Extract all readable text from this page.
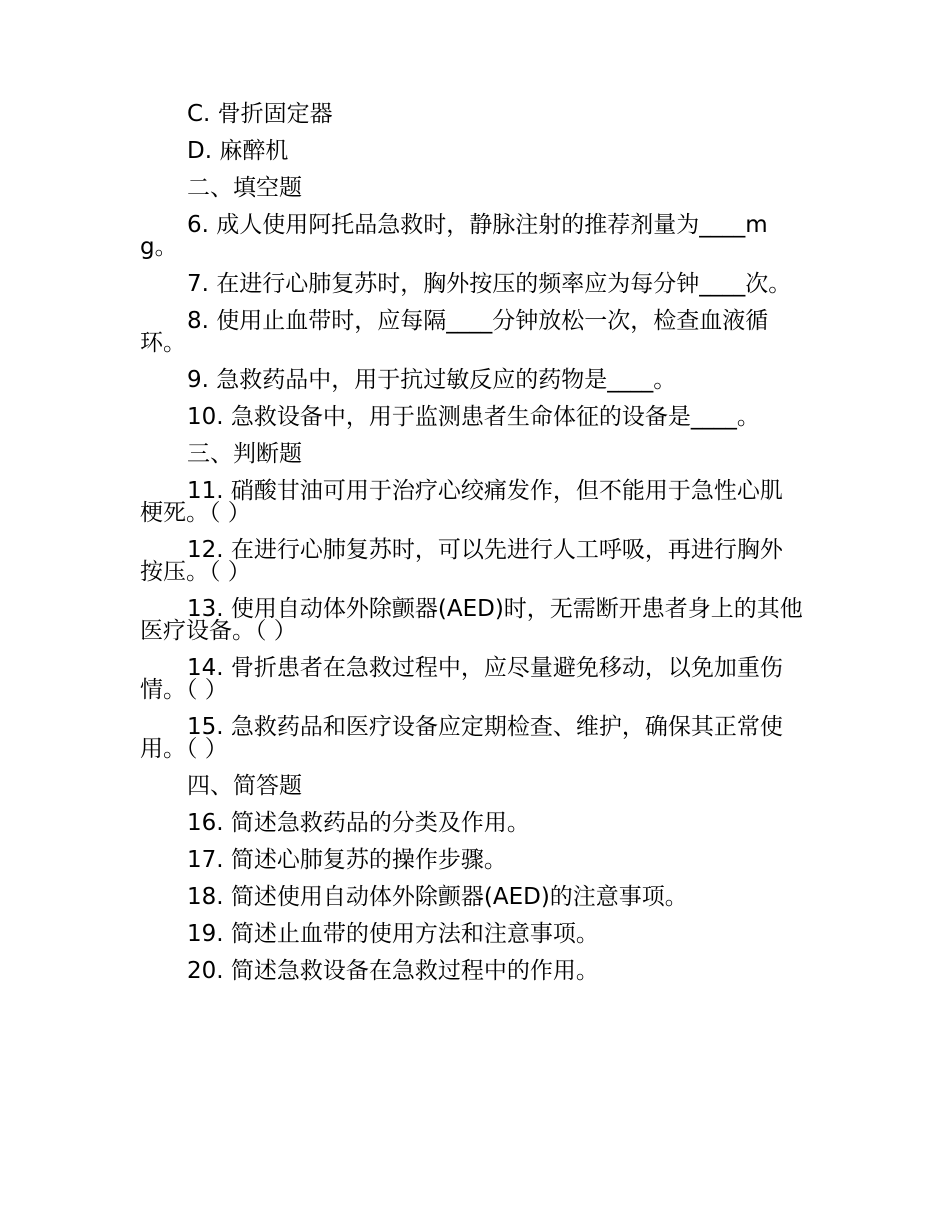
C. 骨折固定器

D. 麻醉机

二、填空题

6. 成人使用阿托品急救时，静脉注射的推荐剂量为____mg。

7. 在进行心肺复苏时，胸外按压的频率应为每分钟____次。

8. 使用止血带时，应每隔____分钟放松一次，检查血液循环。

9. 急救药品中，用于抗过敏反应的药物是____。

10. 急救设备中，用于监测患者生命体征的设备是____。

三、判断题

11. 硝酸甘油可用于治疗心绞痛发作，但不能用于急性心肌梗死。（ ）

12. 在进行心肺复苏时，可以先进行人工呼吸，再进行胸外按压。（ ）

13. 使用自动体外除颤器(AED)时，无需断开患者身上的其他医疗设备。（ ）

14. 骨折患者在急救过程中，应尽量避免移动，以免加重伤情。（ ）

15. 急救药品和医疗设备应定期检查、维护，确保其正常使用。（ ）

四、简答题

16. 简述急救药品的分类及作用。

17. 简述心肺复苏的操作步骤。

18. 简述使用自动体外除颤器(AED)的注意事项。

19. 简述止血带的使用方法和注意事项。

20. 简述急救设备在急救过程中的作用。
